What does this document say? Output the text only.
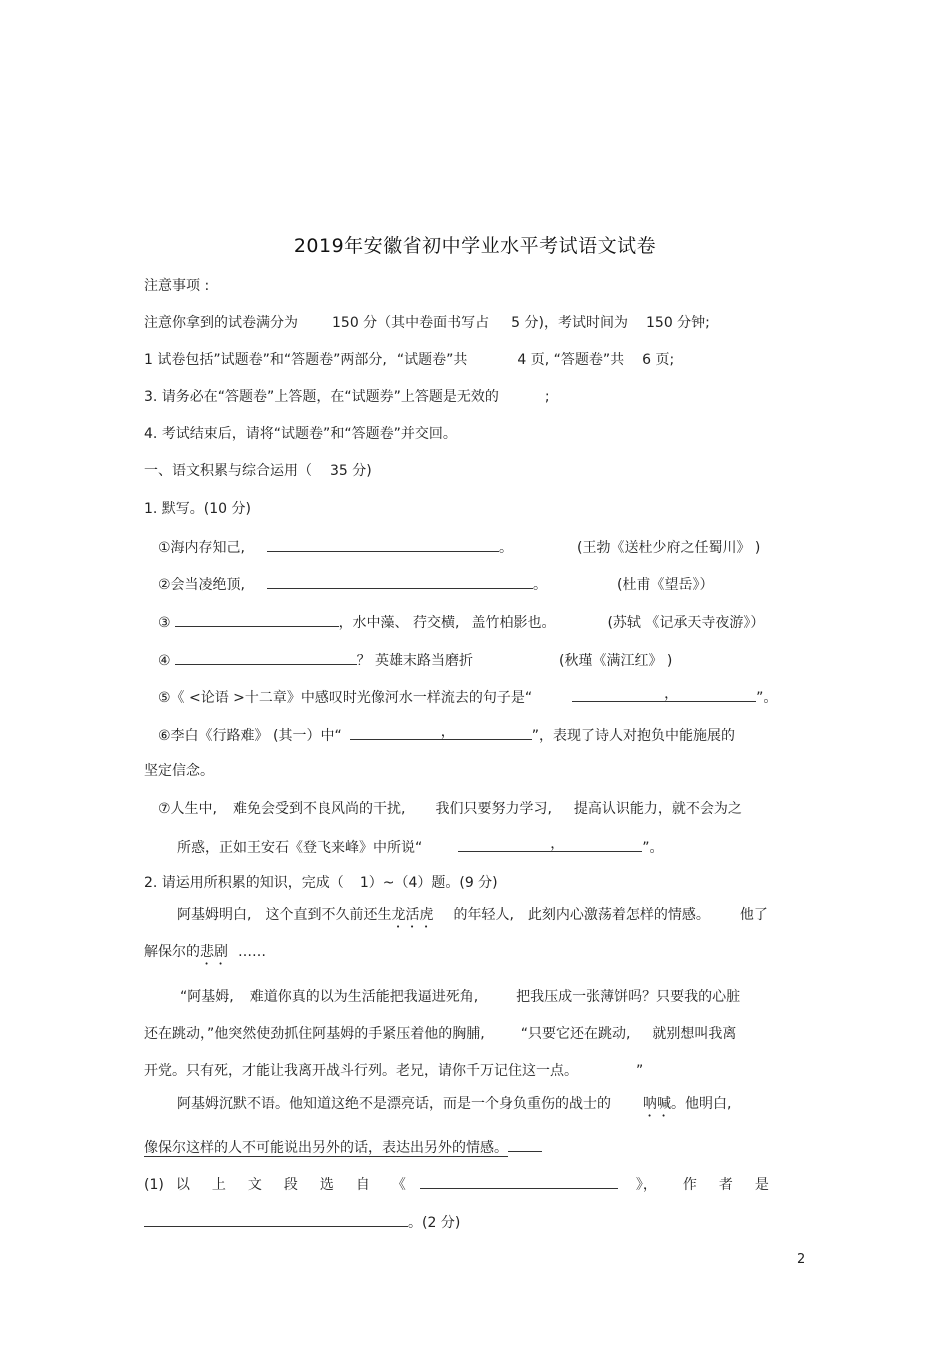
2019年安徽省初中学业水平考试语文试卷
注意事项 :
注意你拿到的试卷满分为 150 分（其中卷面书写占 5 分)，考试时间为 150 分钟;
1 试卷包括”试题卷”和“答题卷”两部分, “试题卷”共	4 页, “答题卷”共 6 页;
3. 请务必在“答题卷”上答题，在“试题券”上答题是无效的	;
4. 考试结束后，请将“试题卷”和“答题卷”并交回。
一、语文积累与综合运用（ 35 分)
1. 默写。(10 分)
①海内存知己,	。	(王勃《送杜少府之任蜀川》 )
②会当凌绝顶,	。	(杜甫《望岳》）
③	，水中藻、 荇交横, 盖竹柏影也。	(苏轼 《记承天寺夜游》）
④	？ 英雄末路当磨折	(秋瑾《满江红》 )
⑤《 <论语 >十二章》中感叹时光像河水一样流去的句子是“	，	”。
⑥李白《行路难》 (其一）中“	，	”，表现了诗人对抱负中能施展的
坚定信念。
⑦人生中, 难免会受到不良风尚的干扰, 我们只要努力学习, 提高认识能力，就不会为之
所惑，正如王安石《登飞来峰》中所说“	，	”。
2. 请运用所积累的知识，完成（ 1）~（4）题。(9 分)
阿基姆明白, 这个直到不久前还生龙活虎 的年轻人, 此刻内心激荡着怎样的情感。 他了
解保尔的悲剧 ……
“阿基姆, 难道你真的以为生活能把我逼进死角,	把我压成一张薄饼吗？只要我的心脏
还在跳动，”他突然使劲抓住阿基姆的手紧压着他的胸脯,	“只要它还在跳动, 就别想叫我离
开党。只有死，才能让我离开战斗行列。老兄，请你千万记住这一点。	”
阿基姆沉默不语。他知道这绝不是漂亮话，而是一个身负重伤的战士的 呐喊。他明白,
像保尔这样的人不可能说出另外的话，表达出另外的情感。
(1) 以 上 文 段 选 自 《	》， 作 者 是
。(2 分)
2
